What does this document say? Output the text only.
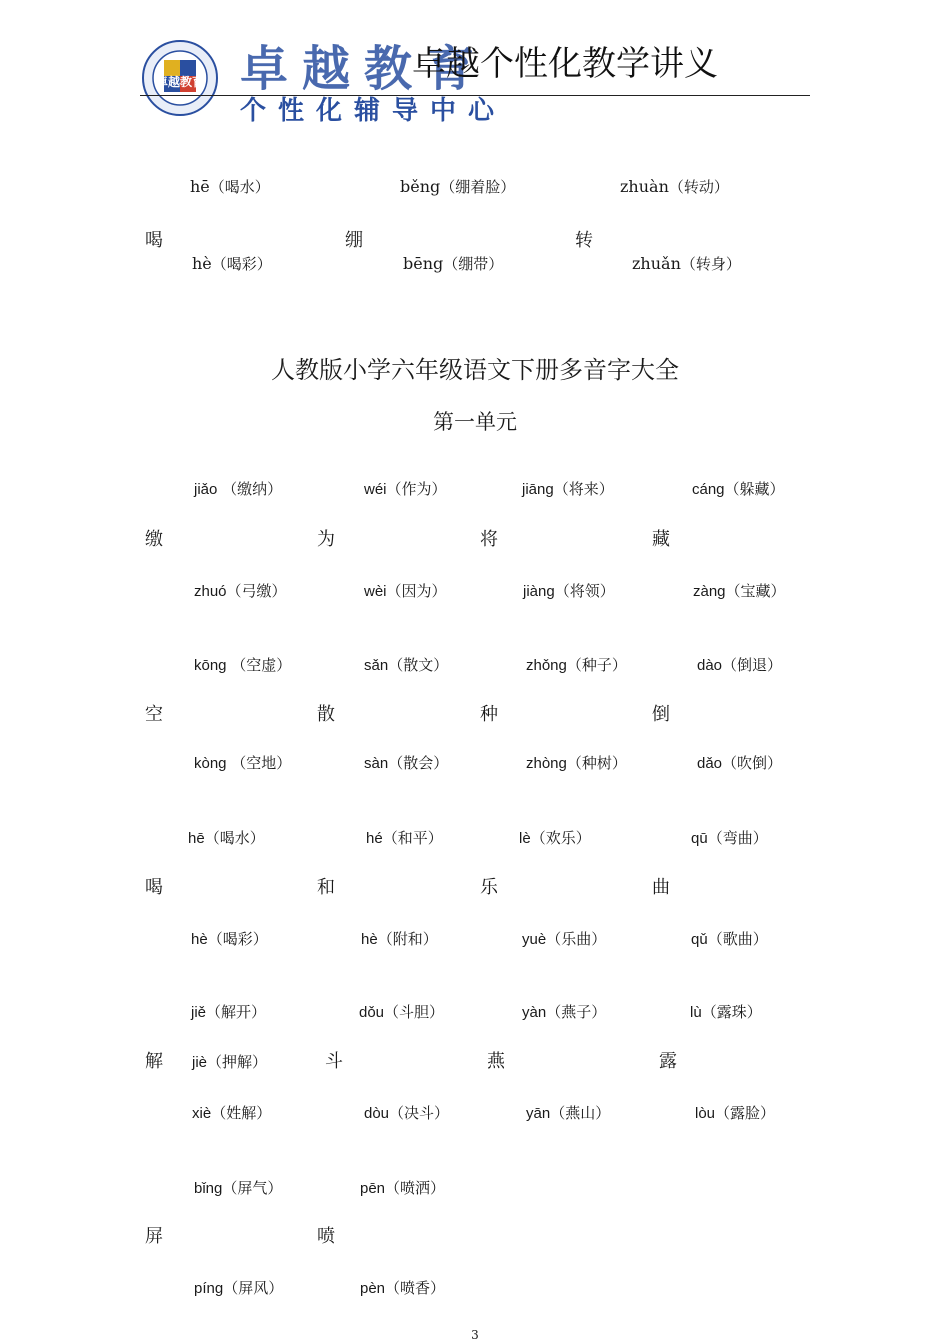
卓越教育 卓越教育
个性化辅导中心
卓越个性化教学讲义
hē（喝水）
喝
hè（喝彩）
běng（绷着脸）
绷
bēng（绷带）
zhuàn（转动）
转
zhuǎn（转身）
人教版小学六年级语文下册多音字大全
第一单元
jiǎo （缴纳）
缴
zhuó（弓缴）
wéi（作为）
为
wèi（因为）
jiāng（将来）
将
jiàng（将领）
cáng（躲藏）
藏
zàng（宝藏）
kōng （空虚）
空
kòng （空地）
sǎn（散文）
散
sàn（散会）
zhǒng（种子）
种
zhòng（种树）
dào（倒退）
倒
dǎo（吹倒）
hē（喝水）
喝
hè（喝彩）
hé（和平）
和
hè（附和）
lè（欢乐）
乐
yuè（乐曲）
qū（弯曲）
曲
qǔ（歌曲）
jiě（解开）
解 jiè（押解）
xiè（姓解）
dǒu（斗胆）
斗
dòu（决斗）
yàn（燕子）
燕
yān（燕山）
lù（露珠）
露
lòu（露脸）
bǐng（屏气）
屏
píng（屏风）
pēn（喷洒）
喷
pèn（喷香）
3
